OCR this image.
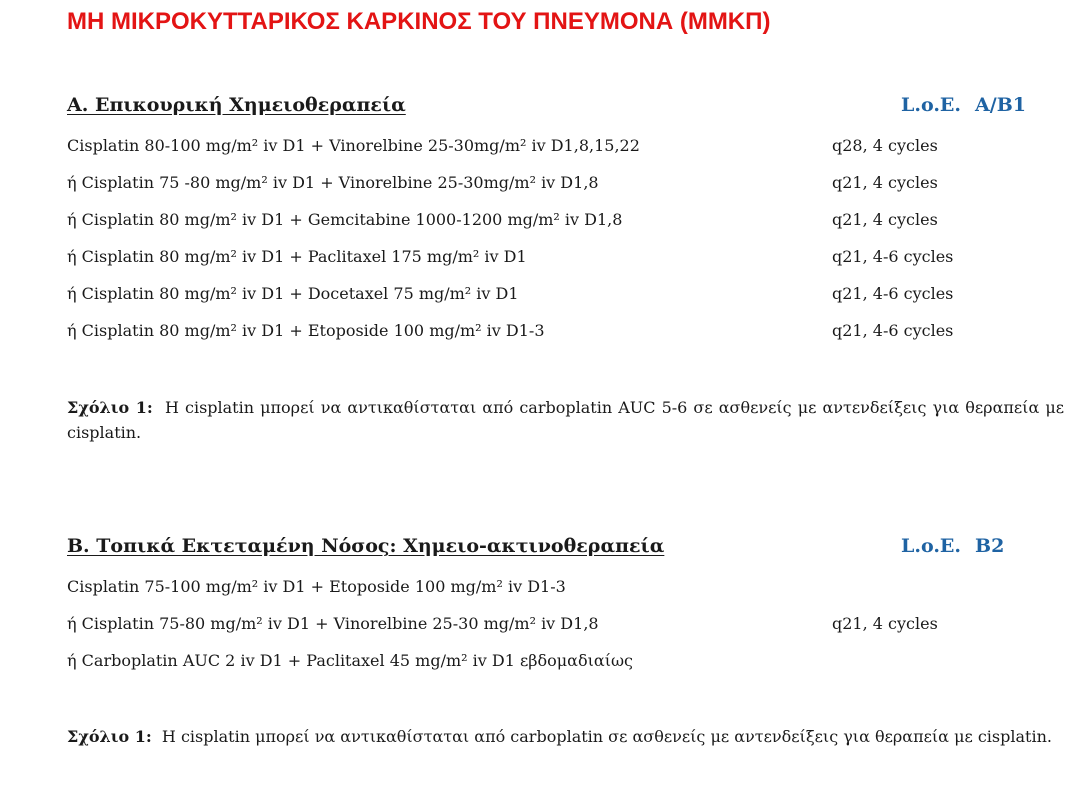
ΜΗ ΜΙΚΡΟΚΥΤΤΑΡΙΚΟΣ ΚΑΡΚΙΝΟΣ ΤΟΥ ΠΝΕΥΜΟΝΑ (ΜΜΚΠ)
Α. Επικουρική Χημειοθεραπεία	L.o.E. A/B1
Cisplatin 80-100 mg/m² iv D1 + Vinorelbine 25-30mg/m² iv D1,8,15,22	q28, 4 cycles
ή Cisplatin 75 -80 mg/m² iv D1 + Vinorelbine 25-30mg/m² iv D1,8	q21, 4 cycles
ή Cisplatin 80 mg/m² iv D1 + Gemcitabine 1000-1200 mg/m² iv D1,8	q21, 4 cycles
ή Cisplatin 80 mg/m² iv D1 + Paclitaxel 175 mg/m² iv D1	q21, 4-6 cycles
ή Cisplatin 80 mg/m² iv D1 + Docetaxel 75 mg/m² iv D1	q21, 4-6 cycles
ή Cisplatin 80 mg/m² iv D1 + Etoposide 100 mg/m² iv D1-3	q21, 4-6 cycles
Σχόλιο 1: Η cisplatin μπορεί να αντικαθίσταται από carboplatin AUC 5-6 σε ασθενείς με αντενδείξεις για θεραπεία με cisplatin.
Β. Τοπικά Εκτεταμένη Νόσος: Χημειο-ακτινοθεραπεία	L.o.E. B2
Cisplatin 75-100 mg/m² iv D1 + Etoposide 100 mg/m² iv D1-3
ή Cisplatin 75-80 mg/m² iv D1 + Vinorelbine 25-30 mg/m² iv D1,8	q21, 4 cycles
ή Carboplatin AUC 2 iv D1 + Paclitaxel 45 mg/m² iv D1 εβδομαδιαίως
Σχόλιο 1: Η cisplatin μπορεί να αντικαθίσταται από carboplatin σε ασθενείς με αντενδείξεις για θεραπεία με cisplatin.
